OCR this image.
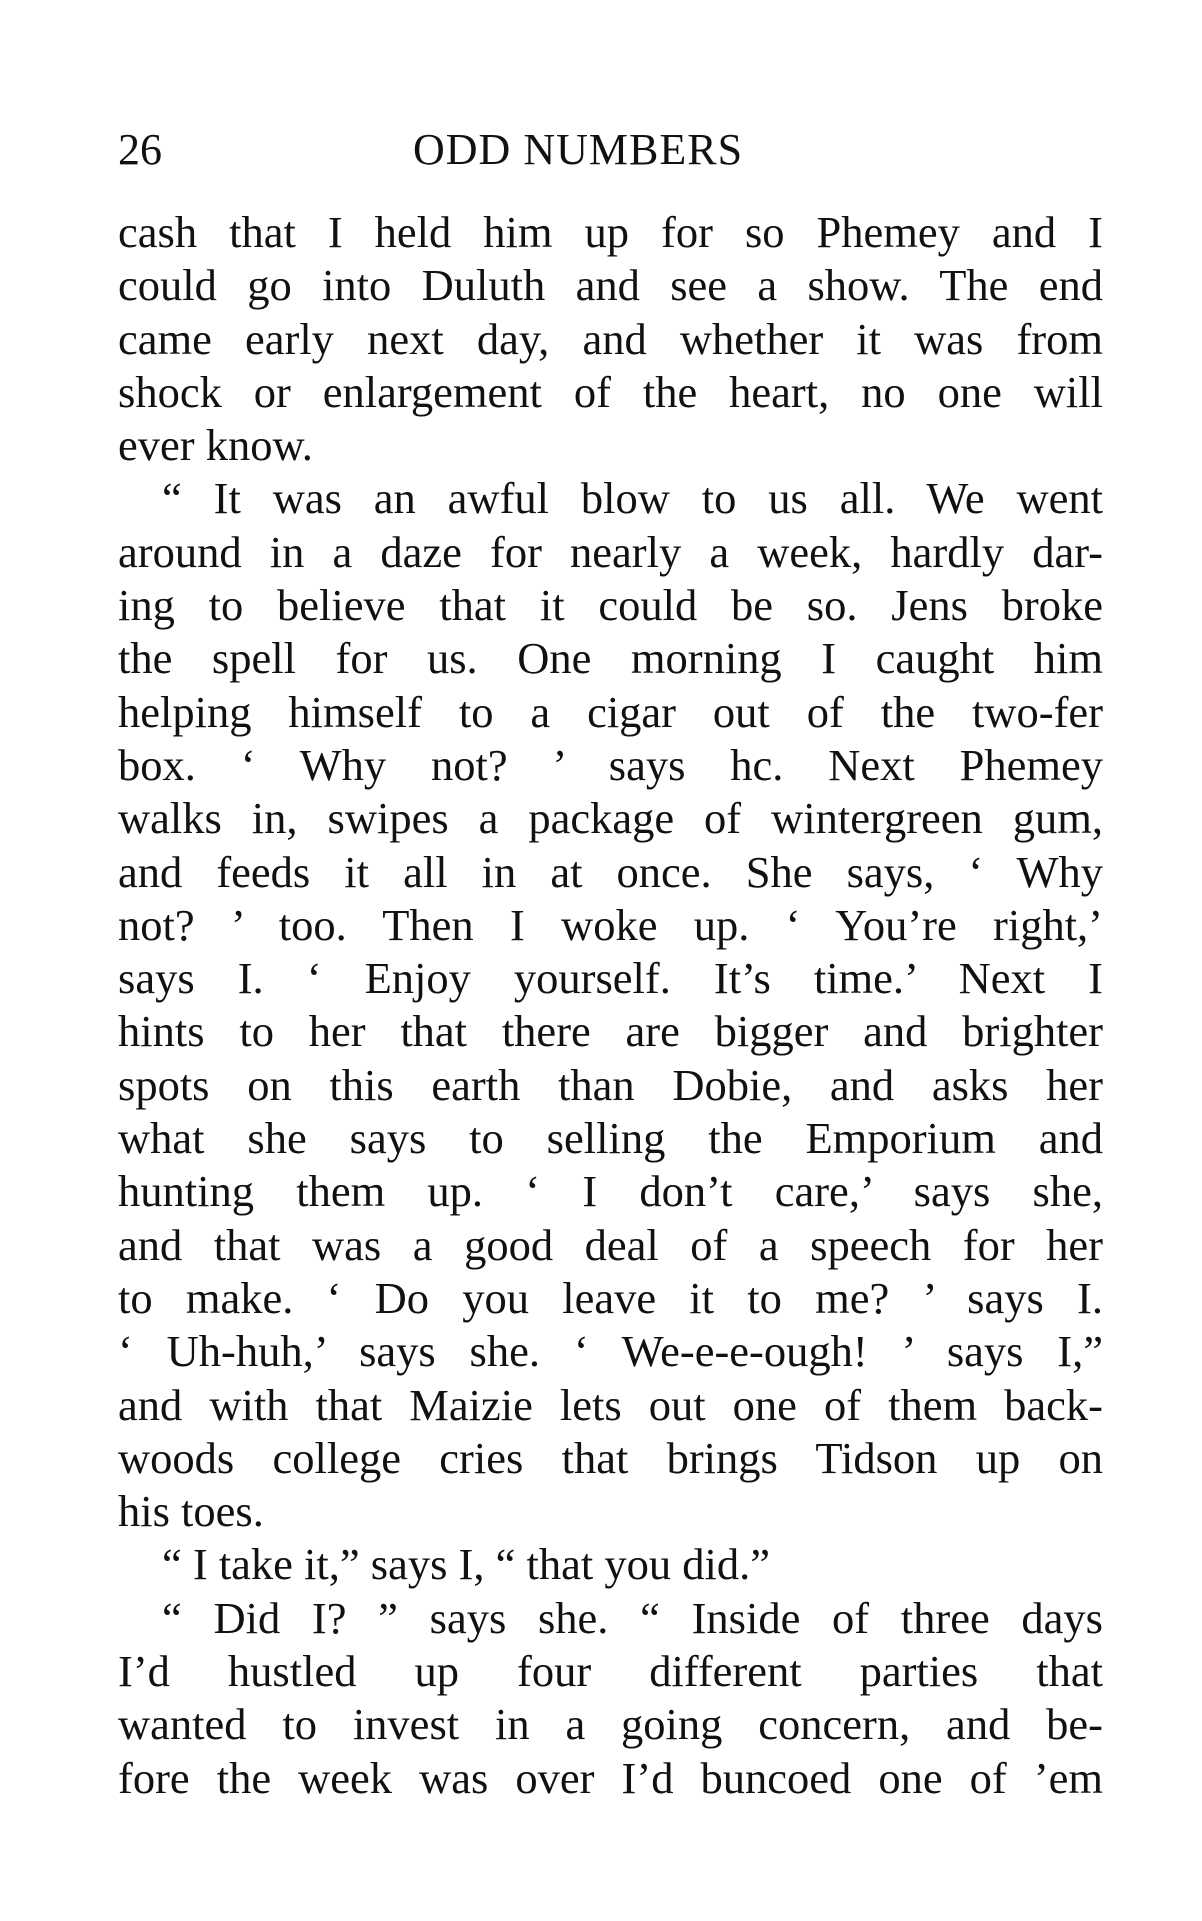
26	ODD NUMBERS
cash that I held him up for so Phemey and I
could go into Duluth and see a show. The end
came early next day, and whether it was from
shock or enlargement of the heart, no one will
ever know.
“ It was an awful blow to us all. We went
around in a daze for nearly a week, hardly dar-
ing to believe that it could be so. Jens broke
the spell for us. One morning I caught him
helping himself to a cigar out of the two-fer
box. ‘ Why not? ’ says hc. Next Phemey
walks in, swipes a package of wintergreen gum,
and feeds it all in at once. She says, ‘ Why
not? ’ too. Then I woke up. ‘ You’re right,’
says I. ‘ Enjoy yourself. It’s time.’ Next I
hints to her that there are bigger and brighter
spots on this earth than Dobie, and asks her
what she says to selling the Emporium and
hunting them up. ‘ I don’t care,’ says she,
and that was a good deal of a speech for her
to make. ‘ Do you leave it to me? ’ says I.
‘ Uh-huh,’ says she. ‘ We-e-e-ough! ’ says I,”
and with that Maizie lets out one of them back-
woods college cries that brings Tidson up on
his toes.
“ I take it,” says I, “ that you did.”
“ Did I? ” says she. “ Inside of three days
I’d hustled up four different parties that
wanted to invest in a going concern, and be-
fore the week was over I’d buncoed one of ’em
